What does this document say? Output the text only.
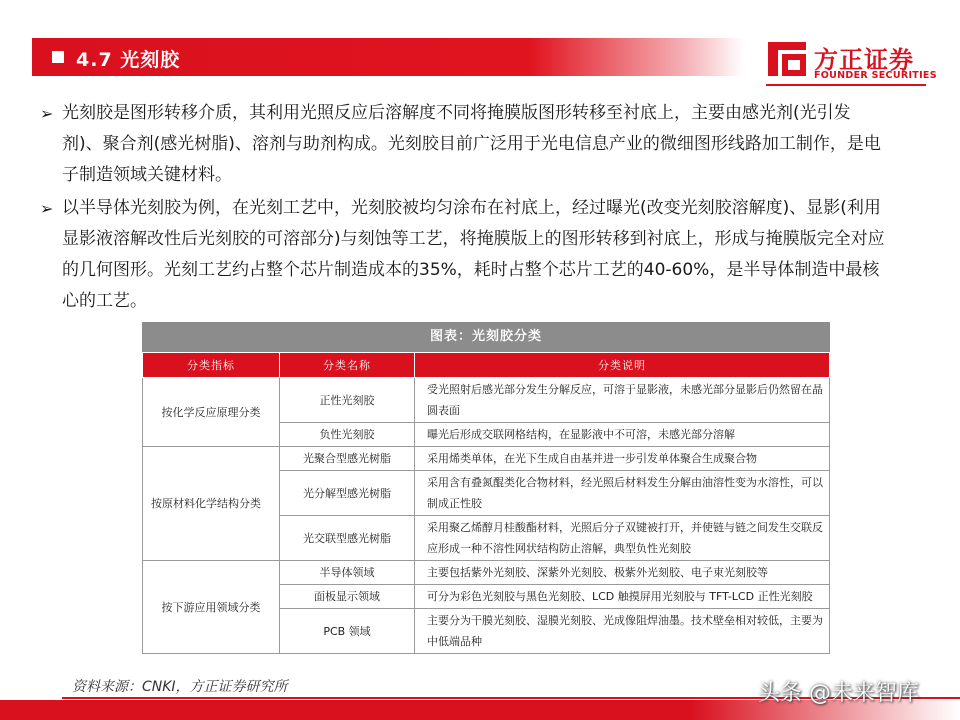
4.7 光刻胶	方正证券
FOUNDER SECURITIES
➢ 光刻胶是图形转移介质，其利用光照反应后溶解度不同将掩膜版图形转移至衬底上，主要由感光剂(光引发剂)、聚合剂(感光树脂)、溶剂与助剂构成。光刻胶目前广泛用于光电信息产业的微细图形线路加工制作，是电子制造领域关键材料。
➢ 以半导体光刻胶为例，在光刻工艺中，光刻胶被均匀涂布在衬底上，经过曝光(改变光刻胶溶解度)、显影(利用显影液溶解改性后光刻胶的可溶部分)与刻蚀等工艺，将掩膜版上的图形转移到衬底上，形成与掩膜版完全对应的几何图形。光刻工艺约占整个芯片制造成本的35%，耗时占整个芯片工艺的40-60%，是半导体制造中最核心的工艺。
图表：光刻胶分类
分类指标	分类名称	分类说明
按化学反应原理分类	正性光刻胶	受光照射后感光部分发生分解反应，可溶于显影液，未感光部分显影后仍然留在晶圆表面
	负性光刻胶	曝光后形成交联网格结构，在显影液中不可溶，未感光部分溶解
按原材料化学结构分类	光聚合型感光树脂	采用烯类单体，在光下生成自由基并进一步引发单体聚合生成聚合物
	光分解型感光树脂	采用含有叠氮醌类化合物材料，经光照后材料发生分解由油溶性变为水溶性，可以制成正性胶
	光交联型感光树脂	采用聚乙烯醇月桂酸酯材料，光照后分子双键被打开，并使链与链之间发生交联反应形成一种不溶性网状结构防止溶解，典型负性光刻胶
按下游应用领域分类	半导体领域	主要包括紫外光刻胶、深紫外光刻胶、极紫外光刻胶、电子束光刻胶等
	面板显示领域	可分为彩色光刻胶与黑色光刻胶、LCD 触摸屏用光刻胶与 TFT-LCD 正性光刻胶
	PCB 领域	主要分为干膜光刻胶、湿膜光刻胶、光成像阻焊油墨。技术壁垒相对较低，主要为中低端品种
资料来源：CNKI，方正证券研究所	头条 @未来智库
